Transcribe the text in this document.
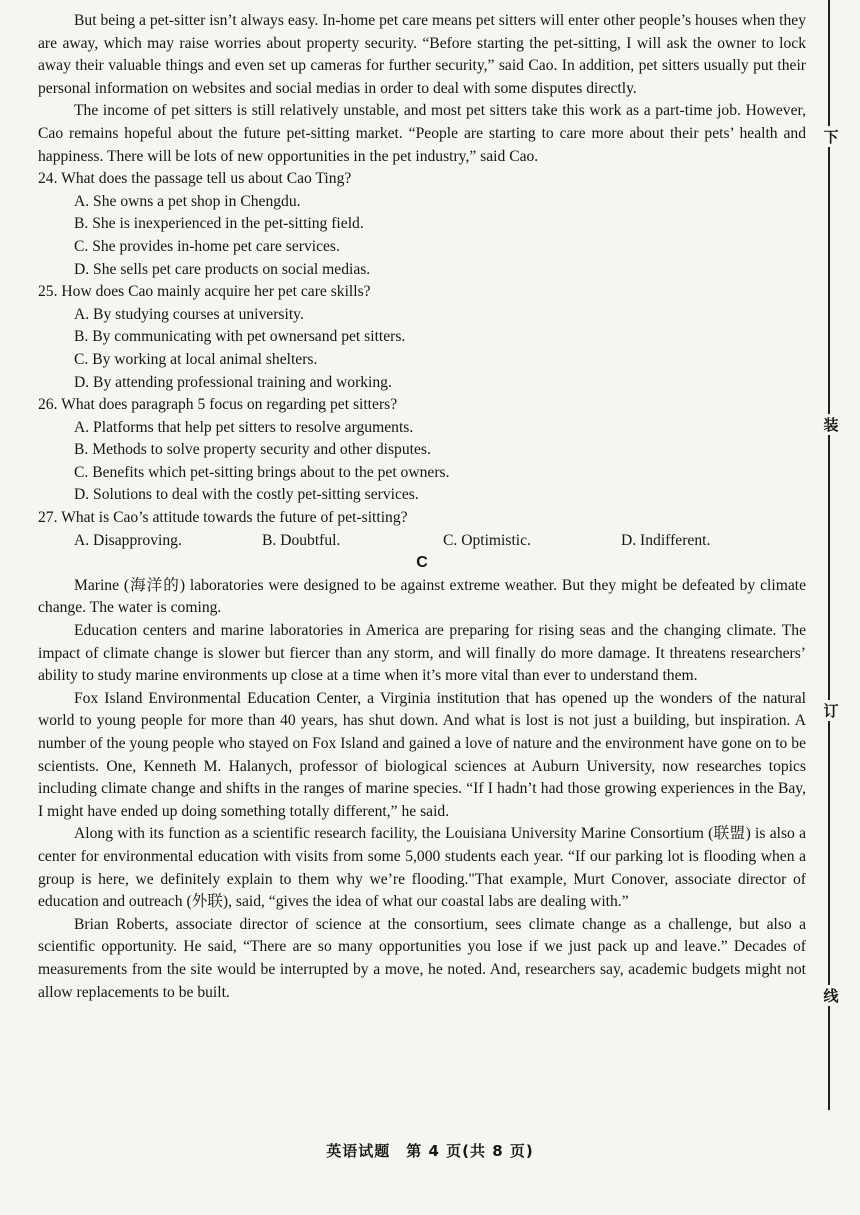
But being a pet-sitter isn’t always easy. In-home pet care means pet sitters will enter other people’s houses when they are away, which may raise worries about property security. “Before starting the pet-sitting, I will ask the owner to lock away their valuable things and even set up cameras for further security,” said Cao. In addition, pet sitters usually put their personal information on websites and social medias in order to deal with some disputes directly.

The income of pet sitters is still relatively unstable, and most pet sitters take this work as a part-time job. However, Cao remains hopeful about the future pet-sitting market. “People are starting to care more about their pets’ health and happiness. There will be lots of new opportunities in the pet industry,” said Cao.

24. What does the passage tell us about Cao Ting?

A. She owns a pet shop in Chengdu.

B. She is inexperienced in the pet-sitting field.

C. She provides in-home pet care services.

D. She sells pet care products on social medias.

25. How does Cao mainly acquire her pet care skills?

A. By studying courses at university.

B. By communicating with pet ownersand pet sitters.

C. By working at local animal shelters.

D. By attending professional training and working.

26. What does paragraph 5 focus on regarding pet sitters?

A. Platforms that help pet sitters to resolve arguments.

B. Methods to solve property security and other disputes.

C. Benefits which pet-sitting brings about to the pet owners.

D. Solutions to deal with the costly pet-sitting services.

27. What is Cao’s attitude towards the future of pet-sitting?

A. Disapproving.	B. Doubtful.	C. Optimistic.	D. Indifferent.

C

Marine (海洋的) laboratories were designed to be against extreme weather. But they might be defeated by climate change. The water is coming.

Education centers and marine laboratories in America are preparing for rising seas and the changing climate. The impact of climate change is slower but fiercer than any storm, and will finally do more damage. It threatens researchers’ ability to study marine environments up close at a time when it’s more vital than ever to understand them.

Fox Island Environmental Education Center, a Virginia institution that has opened up the wonders of the natural world to young people for more than 40 years, has shut down. And what is lost is not just a building, but inspiration. A number of the young people who stayed on Fox Island and gained a love of nature and the environment have gone on to be scientists. One, Kenneth M. Halanych, professor of biological sciences at Auburn University, now researches topics including climate change and shifts in the ranges of marine species. “If I hadn’t had those growing experiences in the Bay, I might have ended up doing something totally different,” he said.

Along with its function as a scientific research facility, the Louisiana University Marine Consortium (联盟) is also a center for environmental education with visits from some 5,000 students each year. “If our parking lot is flooding when a group is here, we definitely explain to them why we’re flooding."That example, Murt Conover, associate director of education and outreach (外联), said, “gives the idea of what our coastal labs are dealing with.”

Brian Roberts, associate director of science at the consortium, sees climate change as a challenge, but also a scientific opportunity. He said, “There are so many opportunities you lose if we just pack up and leave.” Decades of measurements from the site would be interrupted by a move, he noted. And, researchers say, academic budgets might not allow replacements to be built.

下
装
订
线
英语试题　第 4 页(共 8 页)
